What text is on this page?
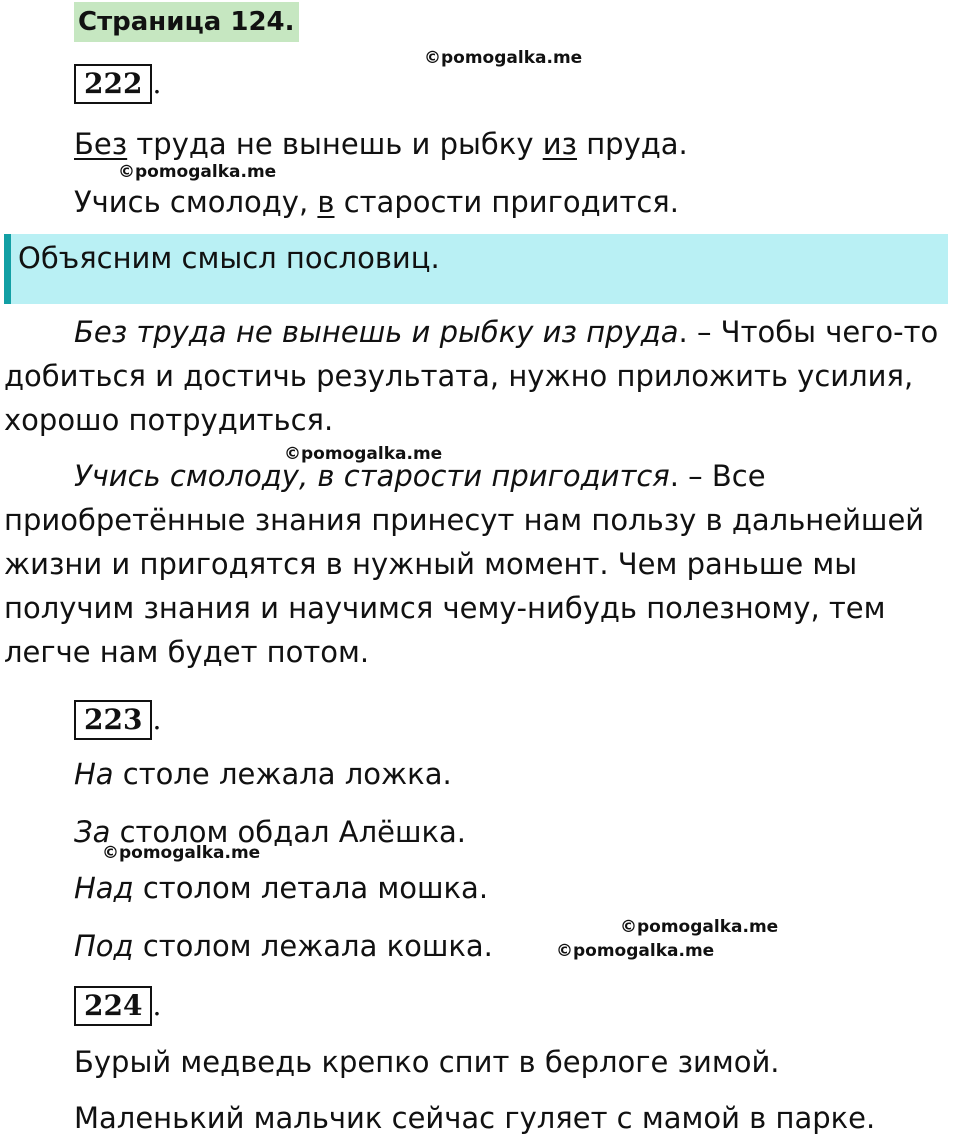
Страница 124.
©pomogalka.me
©pomogalka.me
©pomogalka.me
©pomogalka.me
©pomogalka.me
©pomogalka.me
222 .
Без труда не вынешь и рыбку из пруда.
Учись смолоду, в старости пригодится.
Объясним смысл пословиц.
Без труда не вынешь и рыбку из пруда. – Чтобы чего-то
добиться и достичь результата, нужно приложить усилия,
хорошо потрудиться.
Учись смолоду, в старости пригодится. – Все
приобретённые знания принесут нам пользу в дальнейшей
жизни и пригодятся в нужный момент. Чем раньше мы
получим знания и научимся чему-нибудь полезному, тем
легче нам будет потом.
223 .
На столе лежала ложка.
За столом обдал Алёшка.
Над столом летала мошка.
Под столом лежала кошка.
224 .
Бурый медведь крепко спит в берлоге зимой.
Маленький мальчик сейчас гуляет с мамой в парке.
